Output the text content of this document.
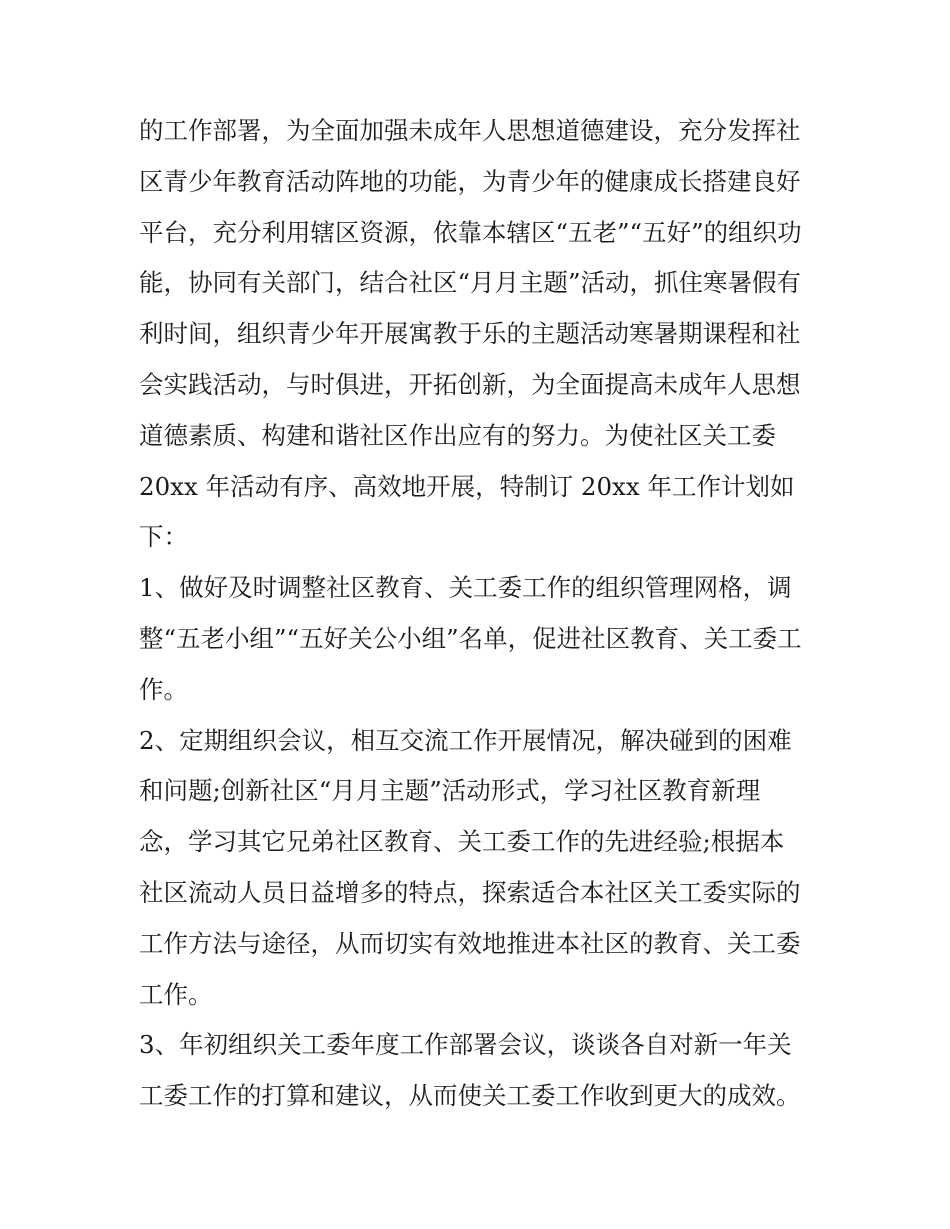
的工作部署，为全面加强未成年人思想道德建设，充分发挥社
区青少年教育活动阵地的功能，为青少年的健康成长搭建良好
平台，充分利用辖区资源，依靠本辖区“五老”“五好”的组织功
能，协同有关部门，结合社区“月月主题”活动，抓住寒暑假有
利时间，组织青少年开展寓教于乐的主题活动寒暑期课程和社
会实践活动，与时俱进，开拓创新，为全面提高未成年人思想
道德素质、构建和谐社区作出应有的努力。为使社区关工委
20xx 年活动有序、高效地开展，特制订 20xx 年工作计划如
下：
1、做好及时调整社区教育、关工委工作的组织管理网格，调
整“五老小组”“五好关公小组”名单，促进社区教育、关工委工
作。
2、定期组织会议，相互交流工作开展情况，解决碰到的困难
和问题;创新社区“月月主题”活动形式，学习社区教育新理
念，学习其它兄弟社区教育、关工委工作的先进经验;根据本
社区流动人员日益增多的特点，探索适合本社区关工委实际的
工作方法与途径，从而切实有效地推进本社区的教育、关工委
工作。
3、年初组织关工委年度工作部署会议，谈谈各自对新一年关
工委工作的打算和建议，从而使关工委工作收到更大的成效。
